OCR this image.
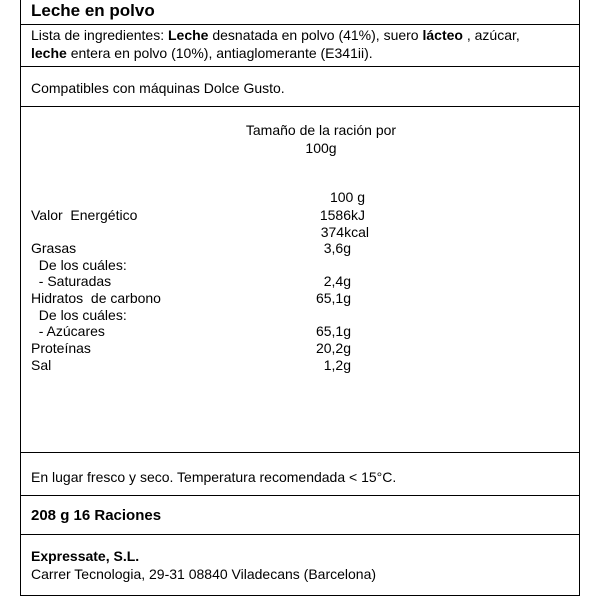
Leche en polvo
Lista de ingredientes: Leche desnatada en polvo (41%), suero lácteo , azúcar,
leche entera en polvo (10%), antiaglomerante (E341ii).
Compatibles con máquinas Dolce Gusto.
Tamaño de la ración por
100g
100 g
Valor  Energético	1586kJ
374kcal
Grasas	3,6g
De los cuáles:
- Saturadas	2,4g
Hidratos  de carbono	65,1g
De los cuáles:
- Azúcares	65,1g
Proteínas	20,2g
Sal	1,2g
En lugar fresco y seco. Temperatura recomendada < 15°C.
208 g 16 Raciones
Expressate, S.L.
Carrer Tecnologia, 29-31 08840 Viladecans (Barcelona)
